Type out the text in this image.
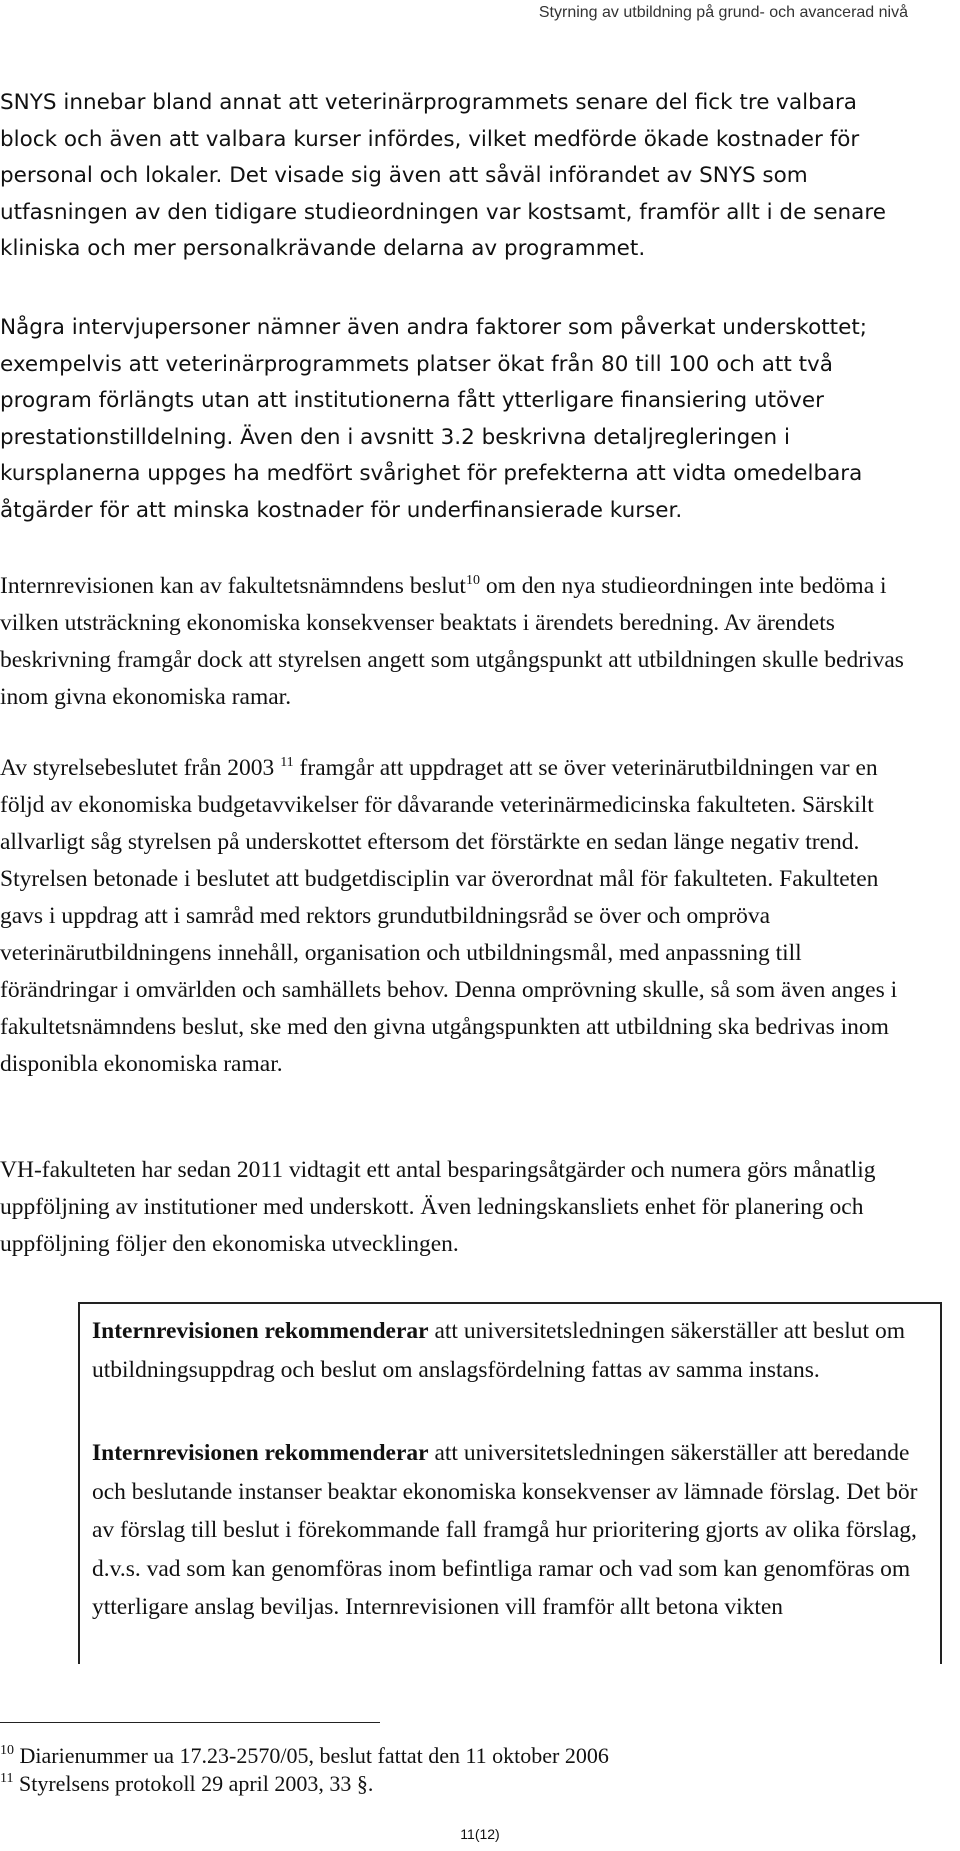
Styrning av utbildning på grund- och avancerad nivå

SNYS innebar bland annat att veterinärprogrammets senare del fick tre valbara block och även att valbara kurser infördes, vilket medförde ökade kostnader för personal och lokaler. Det visade sig även att såväl införandet av SNYS som utfasningen av den tidigare studieordningen var kostsamt, framför allt i de senare kliniska och mer personalkrävande delarna av programmet.

Några intervjupersoner nämner även andra faktorer som påverkat underskottet; exempelvis att veterinärprogrammets platser ökat från 80 till 100 och att två program förlängts utan att institutionerna fått ytterligare finansiering utöver prestationstilldelning. Även den i avsnitt 3.2 beskrivna detaljregleringen i kursplanerna uppges ha medfört svårighet för prefekterna att vidta omedelbara åtgärder för att minska kostnader för underfinansierade kurser.

Internrevisionen kan av fakultetsnämndens beslut$^{10}$ om den nya studieordningen inte bedöma i vilken utsträckning ekonomiska konsekvenser beaktats i ärendets beredning. Av ärendets beskrivning framgår dock att styrelsen angett som utgångspunkt att utbildningen skulle bedrivas inom givna ekonomiska ramar.

Av styrelsebeslutet från 2003 $^{11}$ framgår att uppdraget att se över veterinärutbildningen var en följd av ekonomiska budgetavvikelser för dåvarande veterinärmedicinska fakulteten. Särskilt allvarligt såg styrelsen på underskottet eftersom det förstärkte en sedan länge negativ trend. Styrelsen betonade i beslutet att budgetdisciplin var överordnat mål för fakulteten. Fakulteten gavs i uppdrag att i samråd med rektors grundutbildningsråd se över och ompröva veterinärutbildningens innehåll, organisation och utbildningsmål, med anpassning till förändringar i omvärlden och samhällets behov. Denna omprövning skulle, så som även anges i fakultetsnämndens beslut, ske med den givna utgångspunkten att utbildning ska bedrivas inom disponibla ekonomiska ramar.

VH-fakulteten har sedan 2011 vidtagit ett antal besparingsåtgärder och numera görs månatlig uppföljning av institutioner med underskott. Även ledningskansliets enhet för planering och uppföljning följer den ekonomiska utvecklingen.

Internrevisionen rekommenderar att universitetsledningen säkerställer att beslut om utbildningsuppdrag och beslut om anslagsfördelning fattas av samma instans.

Internrevisionen rekommenderar att universitetsledningen säkerställer att beredande och beslutande instanser beaktar ekonomiska konsekvenser av lämnade förslag. Det bör av förslag till beslut i förekommande fall framgå hur prioritering gjorts av olika förslag, d.v.s. vad som kan genomföras inom befintliga ramar och vad som kan genomföras om ytterligare anslag beviljas. Internrevisionen vill framför allt betona vikten

$^{10}$ Diarienummer ua 17.23-2570/05, beslut fattat den 11 oktober 2006
$^{11}$ Styrelsens protokoll 29 april 2003, 33 §.
11(12)
